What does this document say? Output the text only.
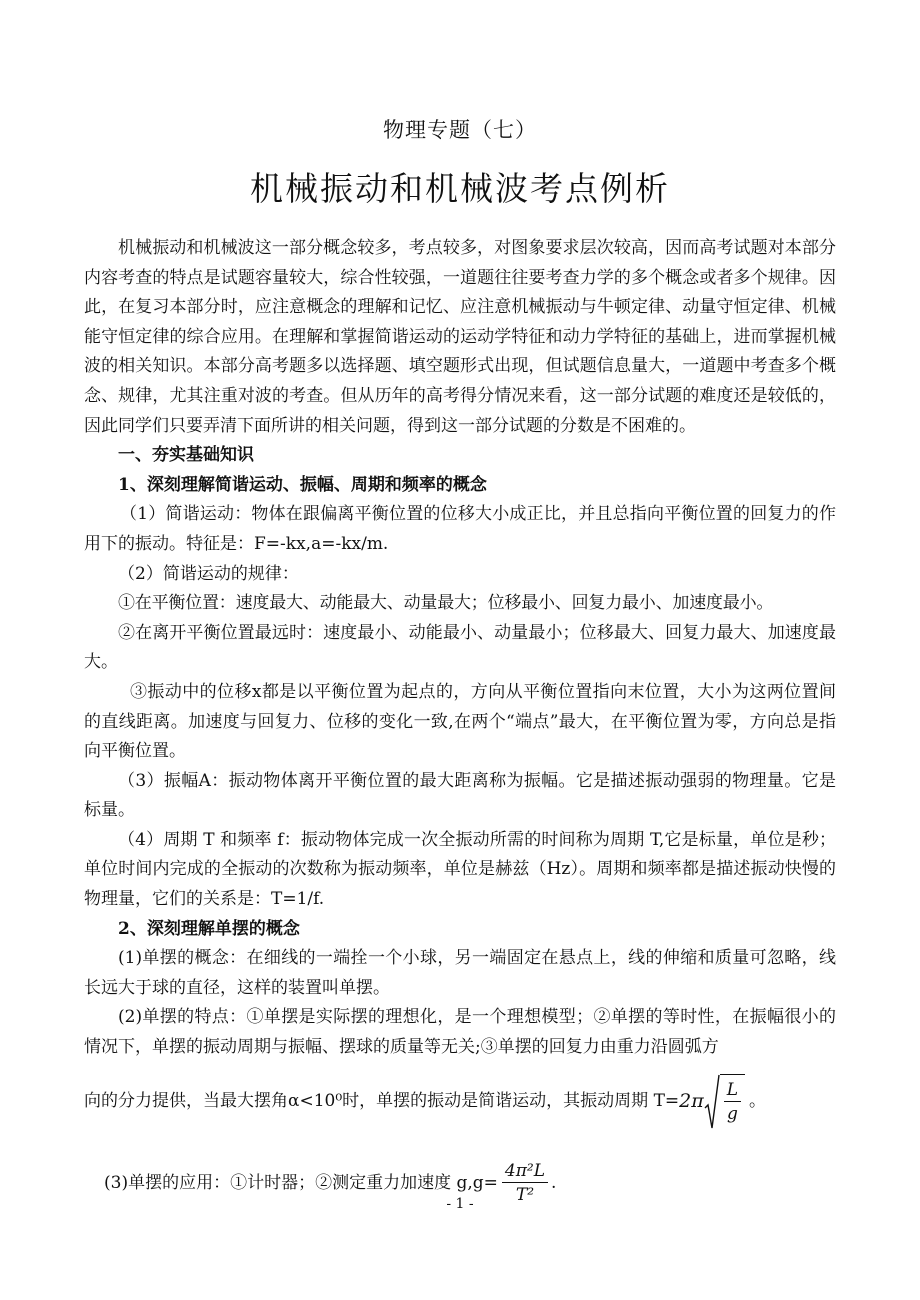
物理专题（七）
机械振动和机械波考点例析

机械振动和机械波这一部分概念较多，考点较多，对图象要求层次较高，因而高考试题对本部分内容考查的特点是试题容量较大，综合性较强，一道题往往要考查力学的多个概念或者多个规律。因此，在复习本部分时，应注意概念的理解和记忆、应注意机械振动与牛顿定律、动量守恒定律、机械能守恒定律的综合应用。在理解和掌握简谐运动的运动学特征和动力学特征的基础上，进而掌握机械波的相关知识。本部分高考题多以选择题、填空题形式出现，但试题信息量大，一道题中考查多个概念、规律，尤其注重对波的考查。但从历年的高考得分情况来看，这一部分试题的难度还是较低的，因此同学们只要弄清下面所讲的相关问题，得到这一部分试题的分数是不困难的。

一、夯实基础知识

1、深刻理解简谐运动、振幅、周期和频率的概念

（1）简谐运动：物体在跟偏离平衡位置的位移大小成正比，并且总指向平衡位置的回复力的作用下的振动。特征是：F=-kx,a=-kx/m.

（2）简谐运动的规律：

①在平衡位置：速度最大、动能最大、动量最大；位移最小、回复力最小、加速度最小。

②在离开平衡位置最远时：速度最小、动能最小、动量最小；位移最大、回复力最大、加速度最大。

③振动中的位移x都是以平衡位置为起点的，方向从平衡位置指向末位置，大小为这两位置间的直线距离。加速度与回复力、位移的变化一致,在两个“端点”最大，在平衡位置为零，方向总是指向平衡位置。

（3）振幅A：振动物体离开平衡位置的最大距离称为振幅。它是描述振动强弱的物理量。它是标量。

（4）周期 T 和频率 f：振动物体完成一次全振动所需的时间称为周期 T,它是标量，单位是秒；单位时间内完成的全振动的次数称为振动频率，单位是赫兹（Hz）。周期和频率都是描述振动快慢的物理量，它们的关系是：T=1/f.

2、深刻理解单摆的概念

(1)单摆的概念：在细线的一端拴一个小球，另一端固定在悬点上，线的伸缩和质量可忽略，线长远大于球的直径，这样的装置叫单摆。

(2)单摆的特点：①单摆是实际摆的理想化，是一个理想模型；②单摆的等时性，在振幅很小的情况下，单摆的振动周期与振幅、摆球的质量等无关;③单摆的回复力由重力沿圆弧方

向的分力提供，当最大摆角α<10⁰时，单摆的振动是简谐运动，其振动周期 $T= 2\pi \frac{L}{g}$ 。
(3)单摆的应用：①计时器；②测定重力加速度 $g,g= \frac{\text{4π²L}}{\text{T²}}$ .
- 1 -
